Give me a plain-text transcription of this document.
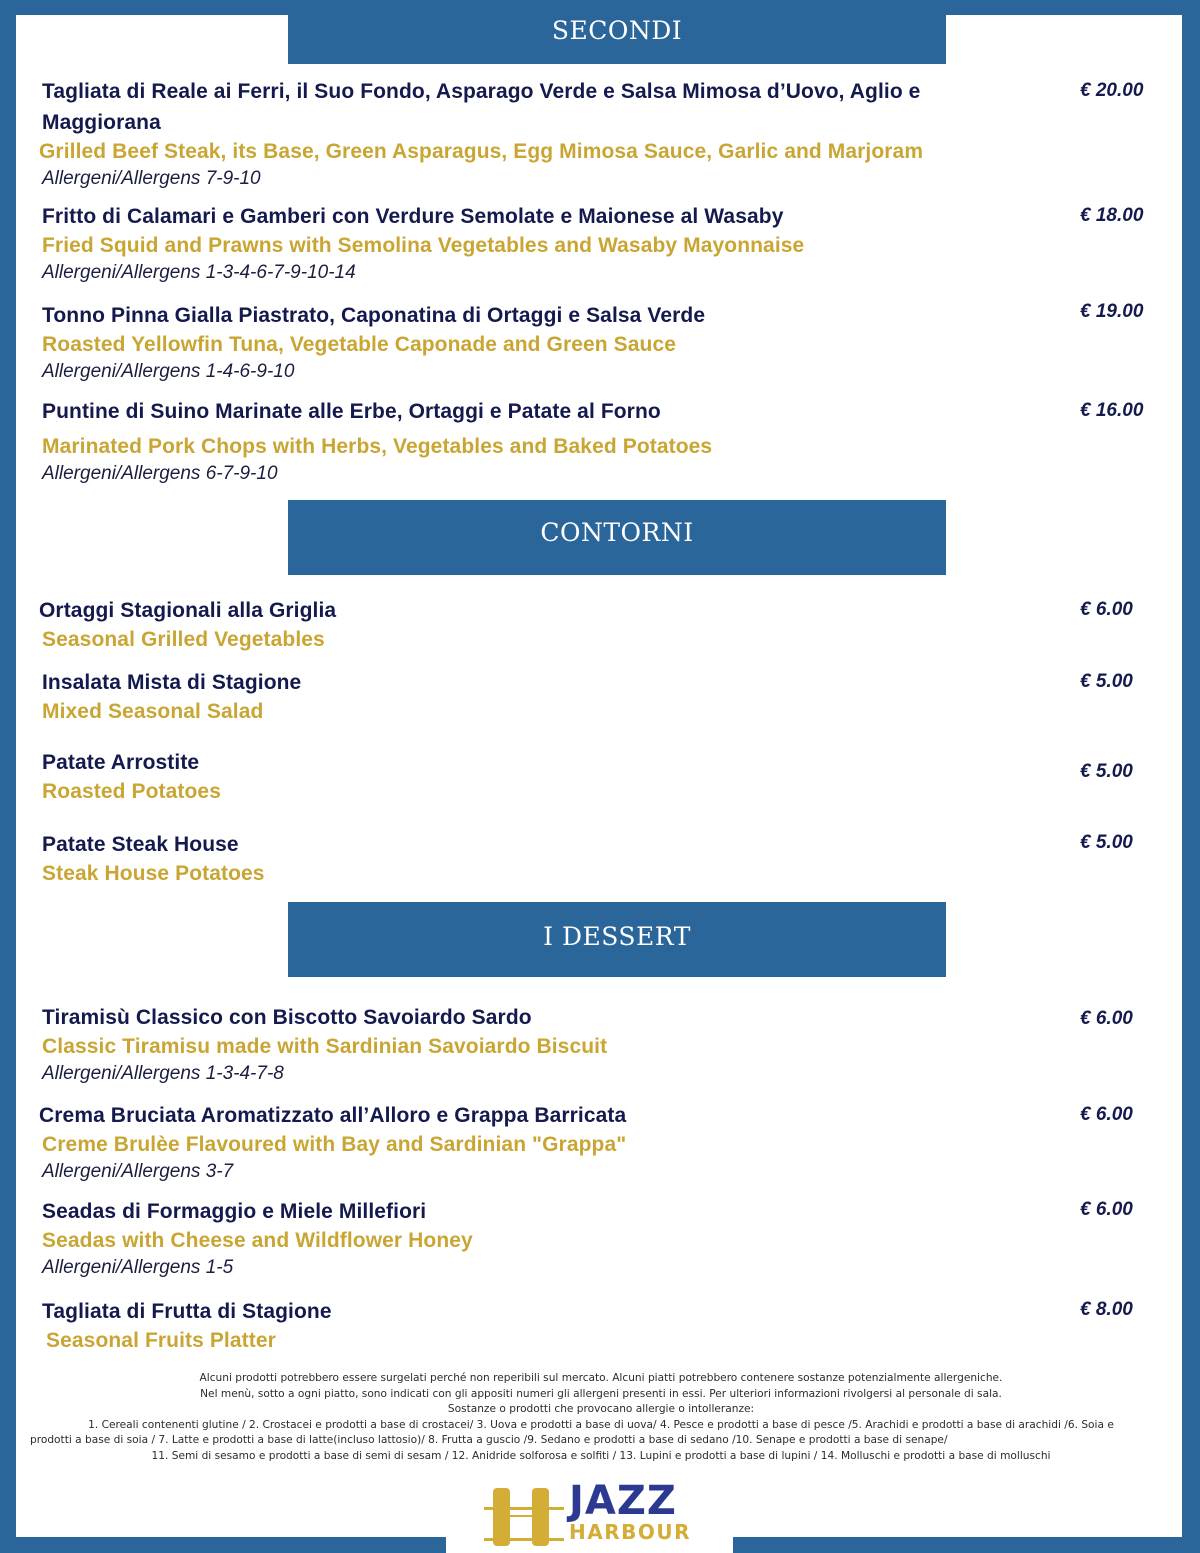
SECONDI
Tagliata di Reale ai Ferri, il Suo Fondo, Asparago Verde e Salsa Mimosa d’Uovo, Aglio e Maggiorana
Grilled Beef Steak, its Base, Green Asparagus, Egg Mimosa Sauce, Garlic and Marjoram
Allergeni/Allergens 7-9-10
€ 20.00
Fritto di Calamari e Gamberi con Verdure Semolate e Maionese al Wasaby
Fried Squid and Prawns with Semolina Vegetables and Wasaby Mayonnaise
Allergeni/Allergens 1-3-4-6-7-9-10-14
€ 18.00
Tonno Pinna Gialla Piastrato, Caponatina di Ortaggi e Salsa Verde
Roasted Yellowfin Tuna, Vegetable Caponade and Green Sauce
Allergeni/Allergens 1-4-6-9-10
€ 19.00
Puntine di Suino Marinate alle Erbe, Ortaggi e Patate al Forno
Marinated Pork Chops with Herbs, Vegetables and Baked Potatoes
Allergeni/Allergens 6-7-9-10
€ 16.00
CONTORNI
Ortaggi Stagionali alla Griglia
Seasonal Grilled Vegetables
€ 6.00
Insalata Mista di Stagione
Mixed Seasonal Salad
€ 5.00
Patate Arrostite
Roasted Potatoes
€ 5.00
Patate Steak House
Steak House Potatoes
€ 5.00
I DESSERT
Tiramisù Classico con Biscotto Savoiardo Sardo
Classic Tiramisu made with Sardinian Savoiardo Biscuit
Allergeni/Allergens 1-3-4-7-8
€ 6.00
Crema Bruciata Aromatizzato all’Alloro e Grappa Barricata
Creme Brulèe Flavoured with Bay and Sardinian "Grappa"
Allergeni/Allergens 3-7
€ 6.00
Seadas di Formaggio e Miele Millefiori
Seadas with Cheese and Wildflower Honey
Allergeni/Allergens 1-5
€ 6.00
Tagliata di Frutta di Stagione
Seasonal Fruits Platter
€ 8.00
Alcuni prodotti potrebbero essere surgelati perché non reperibili sul mercato. Alcuni piatti potrebbero contenere sostanze potenzialmente allergeniche.
Nel menù, sotto a ogni piatto, sono indicati con gli appositi numeri gli allergeni presenti in essi. Per ulteriori informazioni rivolgersi al personale di sala.
Sostanze o prodotti che provocano allergie o intolleranze:
1. Cereali contenenti glutine / 2. Crostacei e prodotti a base di crostacei/ 3. Uova e prodotti a base di uova/ 4. Pesce e prodotti a base di pesce /5. Arachidi e prodotti a base di arachidi /6. Soia e
prodotti a base di soia / 7. Latte e prodotti a base di latte(incluso lattosio)/ 8. Frutta a guscio /9. Sedano e prodotti a base di sedano /10. Senape e prodotti a base di senape/
11. Semi di sesamo e prodotti a base di semi di sesam / 12. Anidride solforosa e solfiti / 13. Lupini e prodotti a base di lupini / 14. Molluschi e prodotti a base di molluschi
JAZZ
HARBOUR
